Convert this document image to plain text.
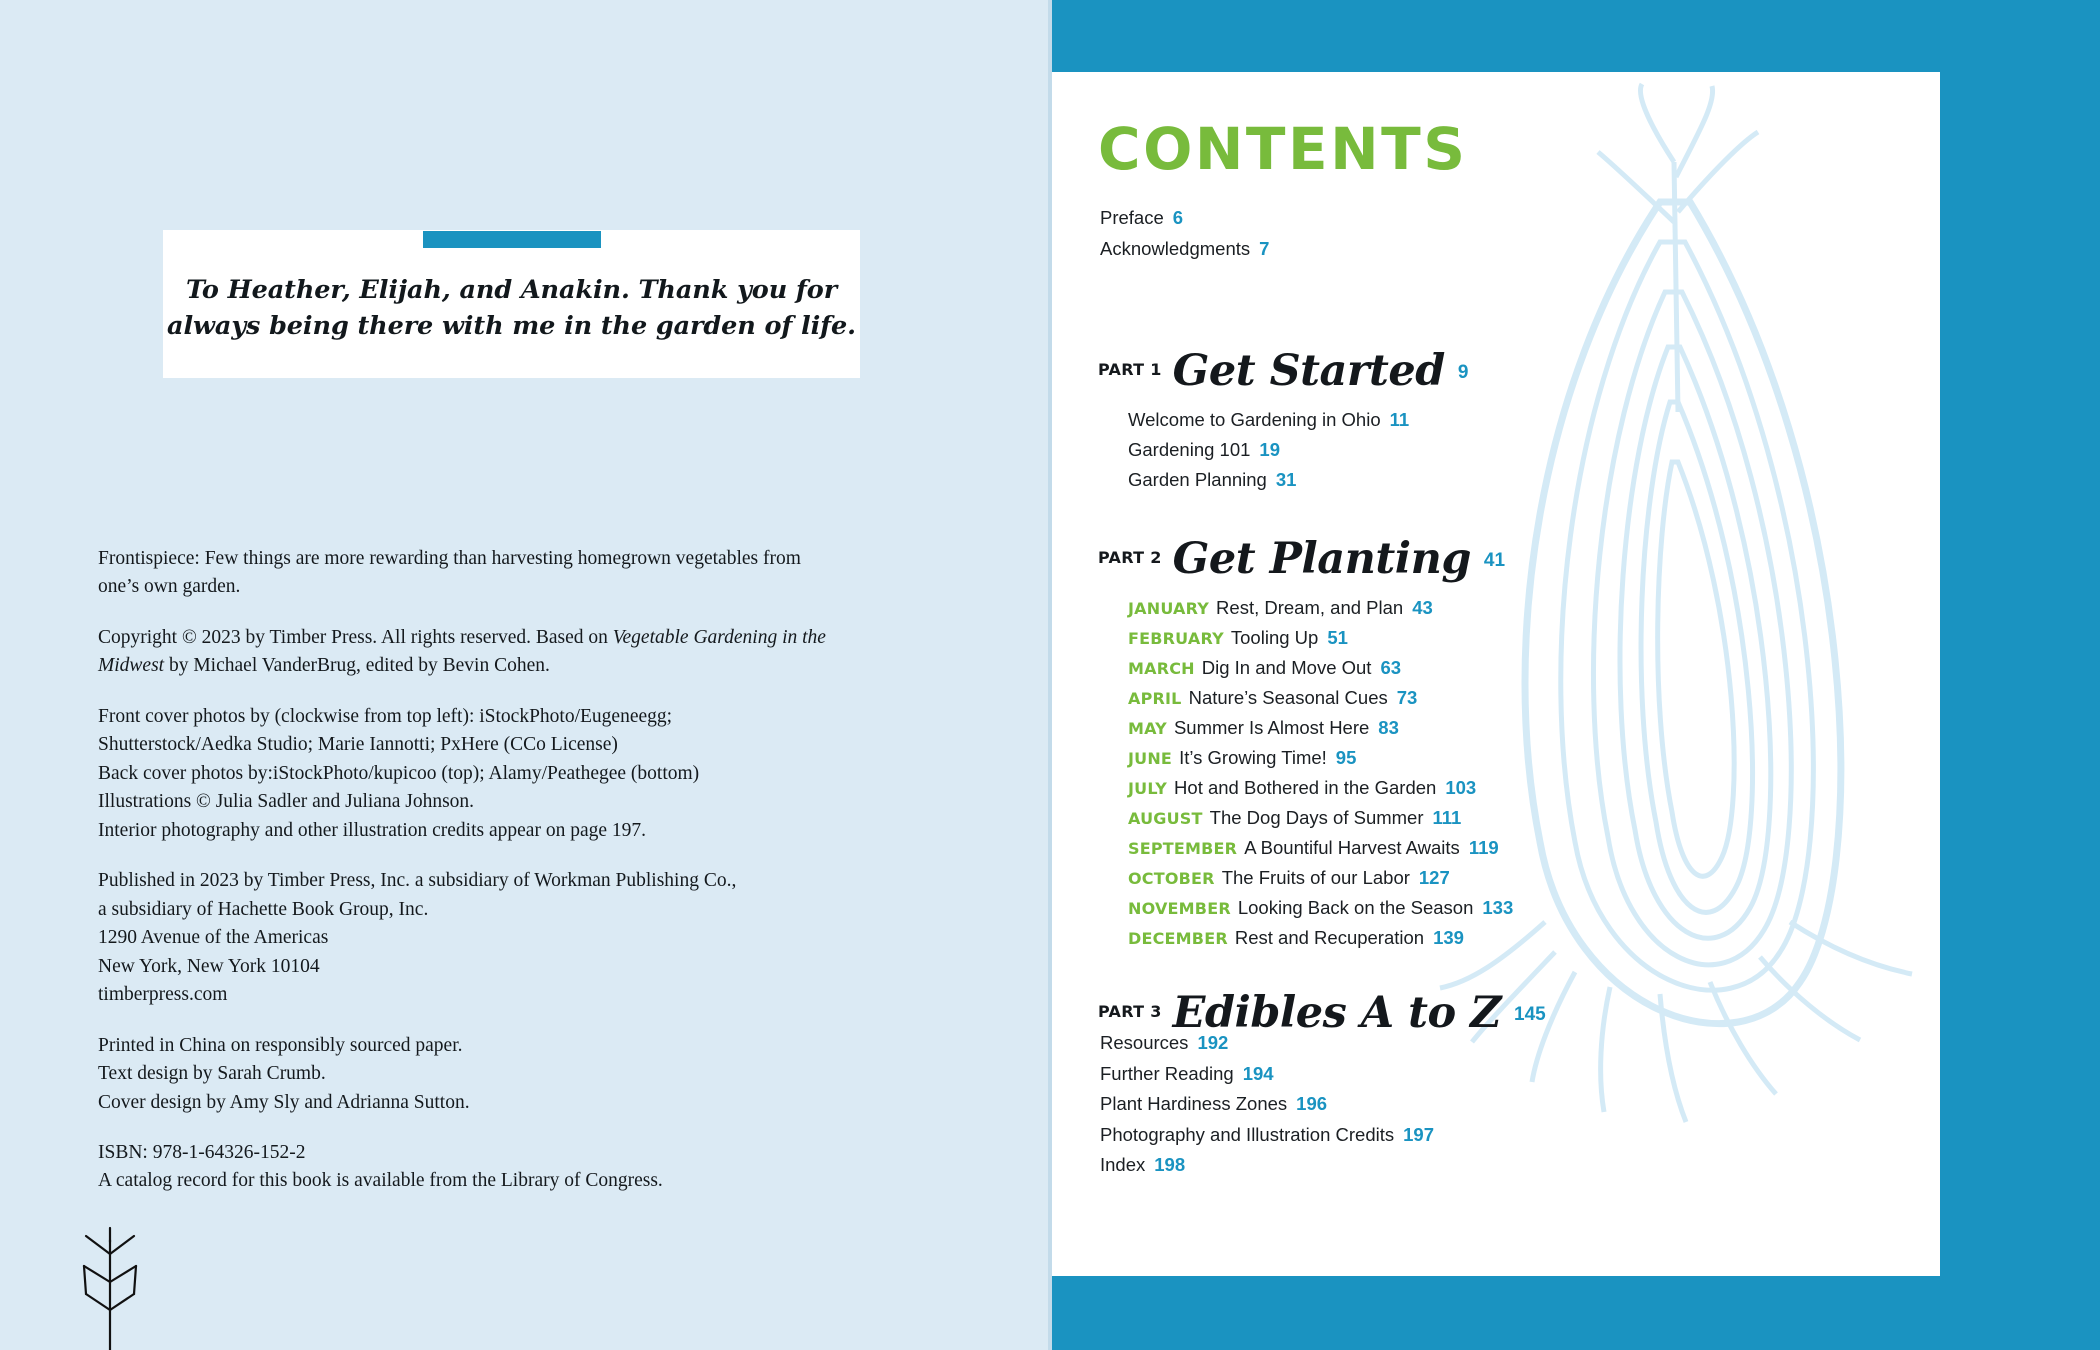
To Heather, Elijah, and Anakin. Thank you for always being there with me in the garden of life.

Frontispiece: Few things are more rewarding than harvesting homegrown vegetables from one’s own garden.

Copyright © 2023 by Timber Press. All rights reserved. Based on Vegetable Gardening in the Midwest by Michael VanderBrug, edited by Bevin Cohen.

Front cover photos by (clockwise from top left): iStockPhoto/Eugeneegg;
Shutterstock/Aedka Studio; Marie Iannotti; PxHere (CCo License)
Back cover photos by:iStockPhoto/kupicoo (top); Alamy/Peathegee (bottom)
Illustrations © Julia Sadler and Juliana Johnson.
Interior photography and other illustration credits appear on page 197.

Published in 2023 by Timber Press, Inc. a subsidiary of Workman Publishing Co.,
a subsidiary of Hachette Book Group, Inc.
1290 Avenue of the Americas
New York, New York 10104
timberpress.com

Printed in China on responsibly sourced paper.
Text design by Sarah Crumb.
Cover design by Amy Sly and Adrianna Sutton.

ISBN: 978-1-64326-152-2
A catalog record for this book is available from the Library of Congress.

CONTENTS
Preface 6
Acknowledgments 7
PART 1 Get Started 9
Welcome to Gardening in Ohio 11
Gardening 101 19
Garden Planning 31
PART 2 Get Planting 41
JANUARY Rest, Dream, and Plan 43
FEBRUARY Tooling Up 51
MARCH Dig In and Move Out 63
APRIL Nature’s Seasonal Cues 73
MAY Summer Is Almost Here 83
JUNE It’s Growing Time! 95
JULY Hot and Bothered in the Garden 103
AUGUST The Dog Days of Summer 111
SEPTEMBER A Bountiful Harvest Awaits 119
OCTOBER The Fruits of our Labor 127
NOVEMBER Looking Back on the Season 133
DECEMBER Rest and Recuperation 139
PART 3 Edibles A to Z 145
Resources 192
Further Reading 194
Plant Hardiness Zones 196
Photography and Illustration Credits 197
Index 198
